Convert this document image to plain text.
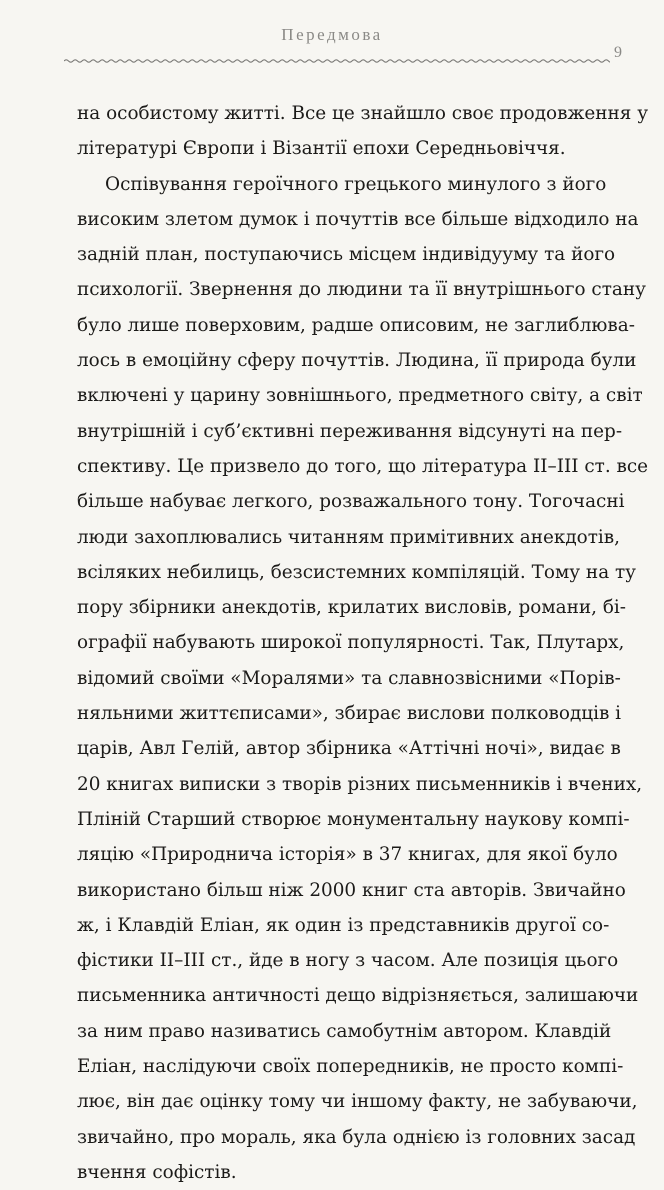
Передмова
9
на особистому житті. Все це знайшло своє продовження у
літературі Європи і Візантії епохи Середньовіччя.
Оспівування героїчного грецького минулого з його
високим злетом думок і почуттів все більше відходило на
задній план, поступаючись місцем індивідууму та його
психології. Звернення до людини та її внутрішнього стану
було лише поверховим, радше описовим, не заглиблюва-
лось в емоційну сферу почуттів. Людина, її природа були
включені у царину зовнішнього, предметного світу, а світ
внутрішній і суб’єктивні переживання відсунуті на пер-
спективу. Це призвело до того, що література II–III ст. все
більше набуває легкого, розважального тону. Тогочасні
люди захоплювались читанням примітивних анекдотів,
всіляких небилиць, безсистемних компіляцій. Тому на ту
пору збірники анекдотів, крилатих висловів, романи, бі-
ографії набувають широкої популярності. Так, Плутарх,
відомий своїми «Моралями» та славнозвісними «Порів-
няльними життєписами», збирає вислови полководців і
царів, Авл Гелій, автор збірника «Аттічні ночі», видає в
20 книгах виписки з творів різних письменників і вчених,
Пліній Старший створює монументальну наукову компі-
ляцію «Природнича історія» в 37 книгах, для якої було
використано більш ніж 2000 книг ста авторів. Звичайно
ж, і Клавдій Еліан, як один із представників другої со-
фістики II–III ст., йде в ногу з часом. Але позиція цього
письменника античності дещо відрізняється, залишаючи
за ним право називатись самобутнім автором. Клавдій
Еліан, наслідуючи своїх попередників, не просто компі-
лює, він дає оцінку тому чи іншому факту, не забуваючи,
звичайно, про мораль, яка була однією із головних засад
вчення софістів.
